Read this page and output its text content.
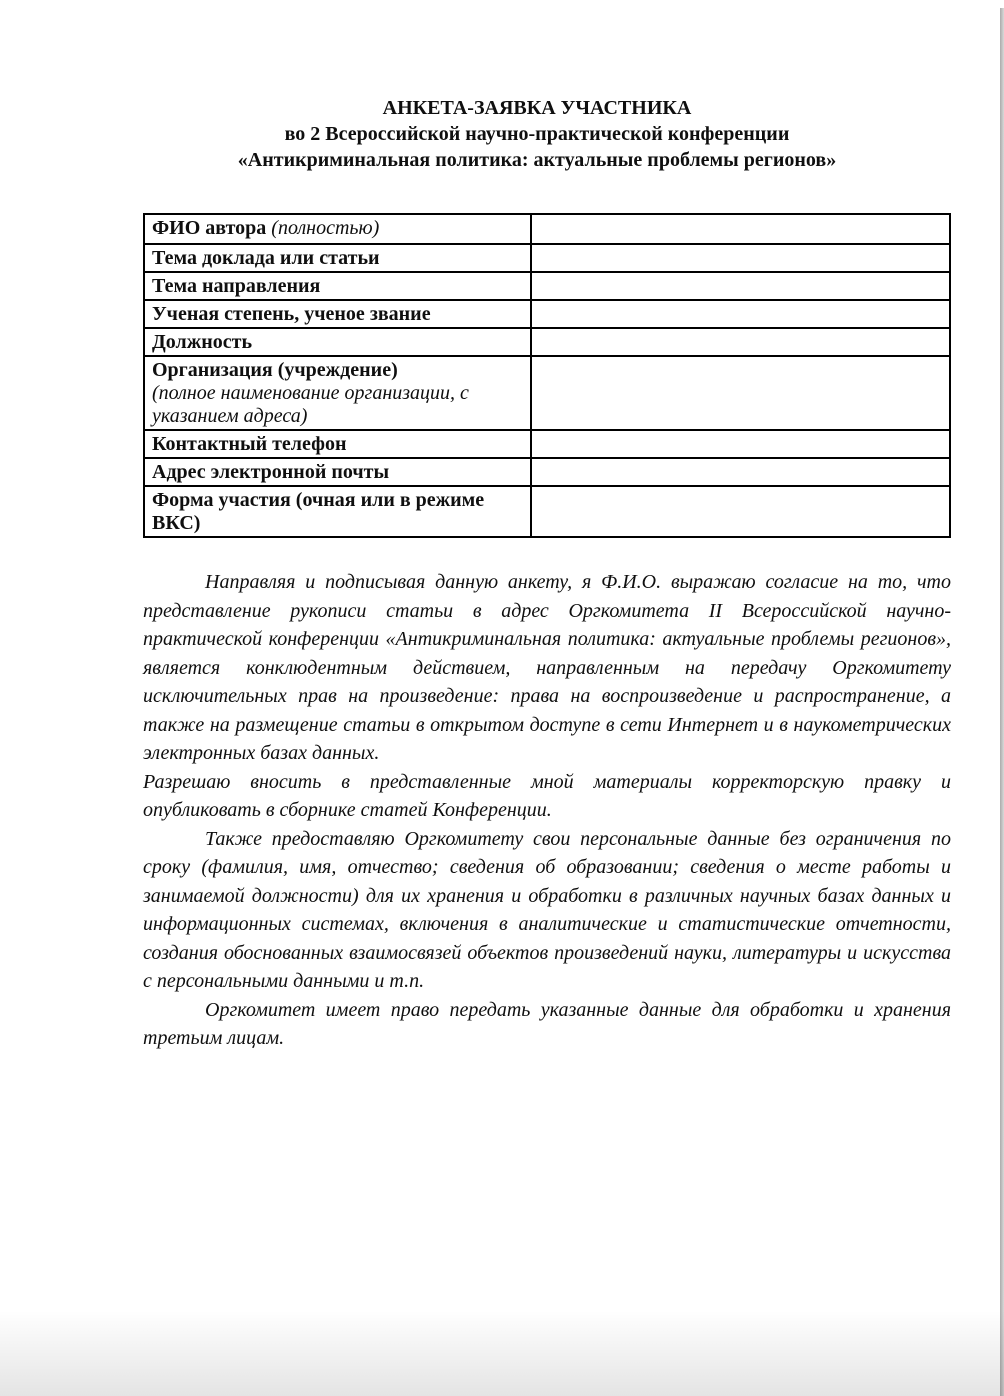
АНКЕТА-ЗАЯВКА УЧАСТНИКА
во 2 Всероссийской научно-практической конференции
«Антикриминальная политика: актуальные проблемы регионов»
ФИО автора (полностью)	
Тема доклада или статьи	
Тема направления	
Ученая степень, ученое звание	
Должность	
Организация (учреждение)
(полное наименование организации, с указанием адреса)	

Контактный телефон	
Адрес электронной почты	
Форма участия (очная или в режиме ВКС)	

Направляя и подписывая данную анкету, я Ф.И.О. выражаю согласие на то, что представление рукописи статьи в адрес Оргкомитета II Всероссийской научно-практической конференции «Антикриминальная политика: актуальные проблемы регионов», является конклюдентным действием, направленным на передачу Оргкомитету исключительных прав на произведение: права на воспроизведение и распространение, а также на размещение статьи в открытом доступе в сети Интернет и в наукометрических электронных базах данных.

Разрешаю вносить в представленные мной материалы корректорскую правку и опубликовать в сборнике статей Конференции.

Также предоставляю Оргкомитету свои персональные данные без ограничения по сроку (фамилия, имя, отчество; сведения об образовании; сведения о месте работы и занимаемой должности) для их хранения и обработки в различных научных базах данных и информационных системах, включения в аналитические и статистические отчетности, создания обоснованных взаимосвязей объектов произведений науки, литературы и искусства с персональными данными и т.п.

Оргкомитет имеет право передать указанные данные для обработки и хранения третьим лицам.
